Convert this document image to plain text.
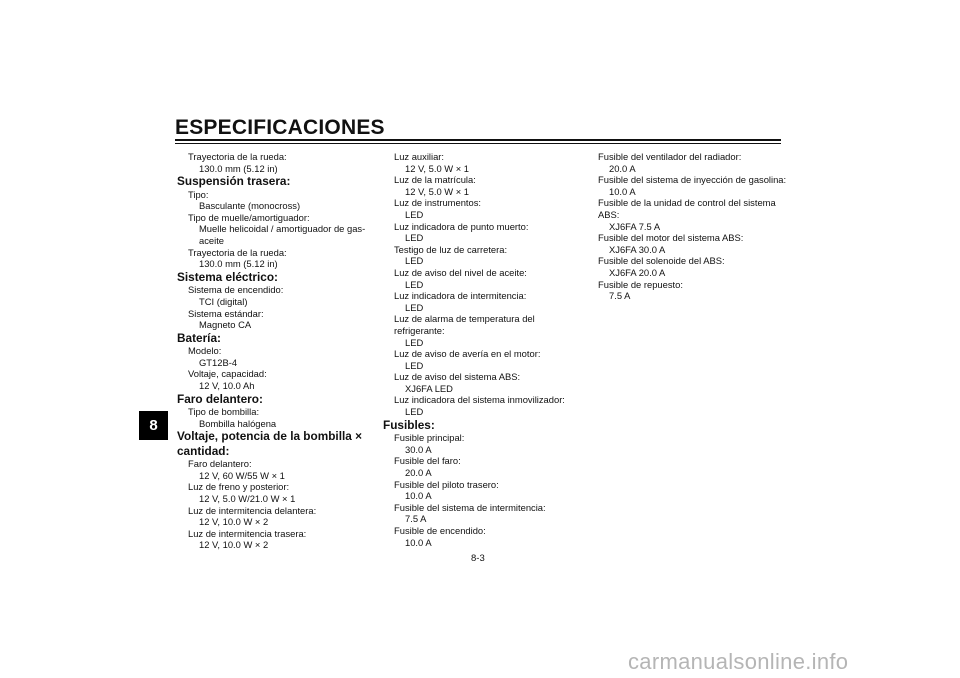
ESPECIFICACIONES
8
Trayectoria de la rueda:
130.0 mm (5.12 in)
Suspensión trasera:
Tipo:
Basculante (monocross)
Tipo de muelle/amortiguador:
Muelle helicoidal / amortiguador de gas-
aceite
Trayectoria de la rueda:
130.0 mm (5.12 in)
Sistema eléctrico:
Sistema de encendido:
TCI (digital)
Sistema estándar:
Magneto CA
Batería:
Modelo:
GT12B-4
Voltaje, capacidad:
12 V, 10.0 Ah
Faro delantero:
Tipo de bombilla:
Bombilla halógena
Voltaje, potencia de la bombilla ×
cantidad:
Faro delantero:
12 V, 60 W/55 W × 1
Luz de freno y posterior:
12 V, 5.0 W/21.0 W × 1
Luz de intermitencia delantera:
12 V, 10.0 W × 2
Luz de intermitencia trasera:
12 V, 10.0 W × 2
Luz auxiliar:
12 V, 5.0 W × 1
Luz de la matrícula:
12 V, 5.0 W × 1
Luz de instrumentos:
LED
Luz indicadora de punto muerto:
LED
Testigo de luz de carretera:
LED
Luz de aviso del nivel de aceite:
LED
Luz indicadora de intermitencia:
LED
Luz de alarma de temperatura del
refrigerante:
LED
Luz de aviso de avería en el motor:
LED
Luz de aviso del sistema ABS:
XJ6FA LED
Luz indicadora del sistema inmovilizador:
LED
Fusibles:
Fusible principal:
30.0 A
Fusible del faro:
20.0 A
Fusible del piloto trasero:
10.0 A
Fusible del sistema de intermitencia:
7.5 A
Fusible de encendido:
10.0 A
Fusible del ventilador del radiador:
20.0 A
Fusible del sistema de inyección de gasolina:
10.0 A
Fusible de la unidad de control del sistema
ABS:
XJ6FA 7.5 A
Fusible del motor del sistema ABS:
XJ6FA 30.0 A
Fusible del solenoide del ABS:
XJ6FA 20.0 A
Fusible de repuesto:
7.5 A
8-3
carmanualsonline.info
